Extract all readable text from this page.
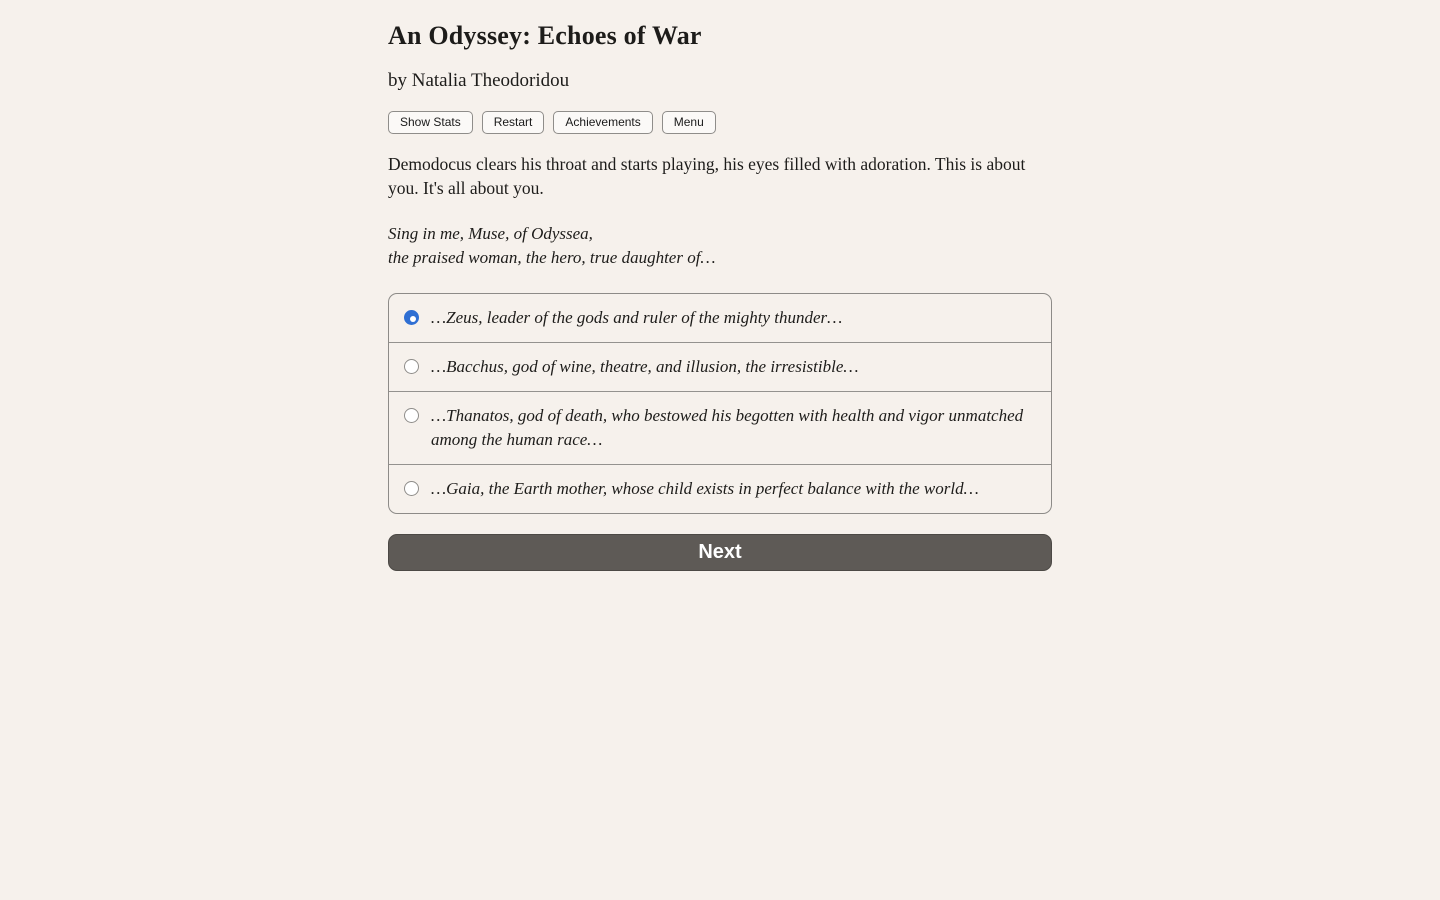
An Odyssey: Echoes of War
by Natalia Theodoridou
Show Stats	Restart	Achievements	Menu

Demodocus clears his throat and starts playing, his eyes filled with adoration. This is about you. It's all about you.

Sing in me, Muse, of Odyssea,
the praised woman, the hero, true daughter of…

…Zeus, leader of the gods and ruler of the mighty thunder…
…Bacchus, god of wine, theatre, and illusion, the irresistible…
…Thanatos, god of death, who bestowed his begotten with health and vigor unmatched among the human race…
…Gaia, the Earth mother, whose child exists in perfect balance with the world…
Next
